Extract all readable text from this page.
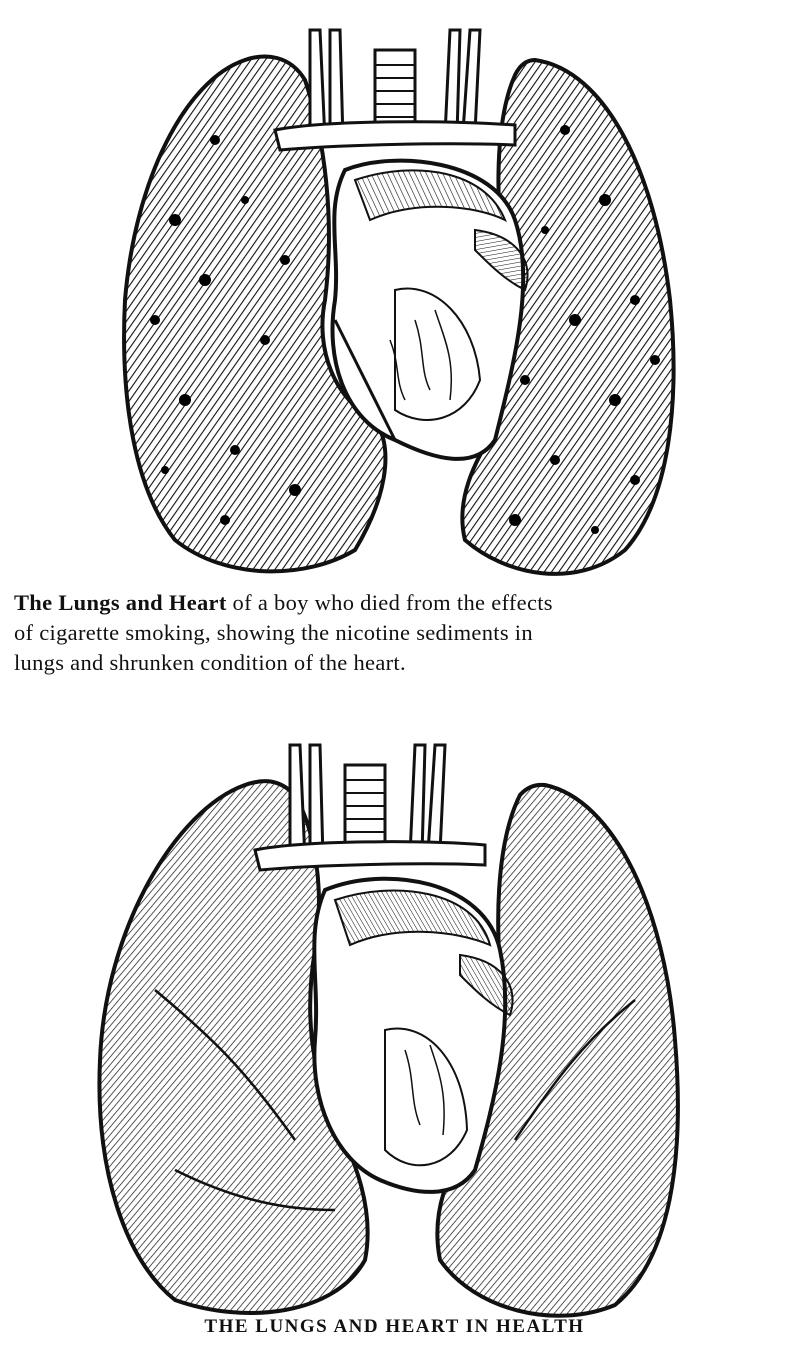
The Lungs and Heart of a boy who died from the effects
of cigarette smoking, showing the nicotine sediments in
lungs and shrunken condition of the heart.
THE LUNGS AND HEART IN HEALTH
